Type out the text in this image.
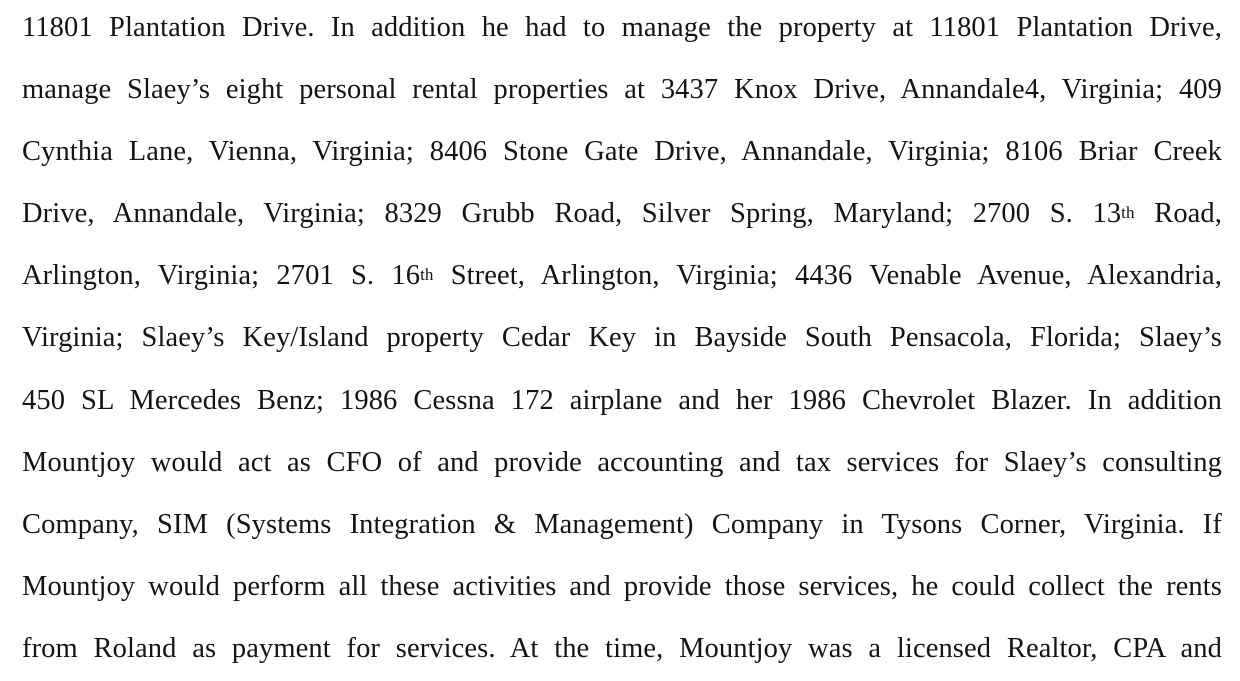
11801 Plantation Drive. In addition he had to manage the property at 11801 Plantation Drive,
manage Slaey’s eight personal rental properties at 3437 Knox Drive, Annandale4, Virginia; 409
Cynthia Lane, Vienna, Virginia; 8406 Stone Gate Drive, Annandale, Virginia; 8106 Briar Creek
Drive, Annandale, Virginia; 8329 Grubb Road, Silver Spring, Maryland; 2700 S. 13th Road,
Arlington, Virginia; 2701 S. 16th Street, Arlington, Virginia; 4436 Venable Avenue, Alexandria,
Virginia; Slaey’s Key/Island property Cedar Key in Bayside South Pensacola, Florida; Slaey’s
450 SL Mercedes Benz; 1986 Cessna 172 airplane and her 1986 Chevrolet Blazer. In addition
Mountjoy would act as CFO of and provide accounting and tax services for Slaey’s consulting
Company, SIM (Systems Integration & Management) Company in Tysons Corner, Virginia. If
Mountjoy would perform all these activities and provide those services, he could collect the rents
from Roland as payment for services. At the time, Mountjoy was a licensed Realtor, CPA and
